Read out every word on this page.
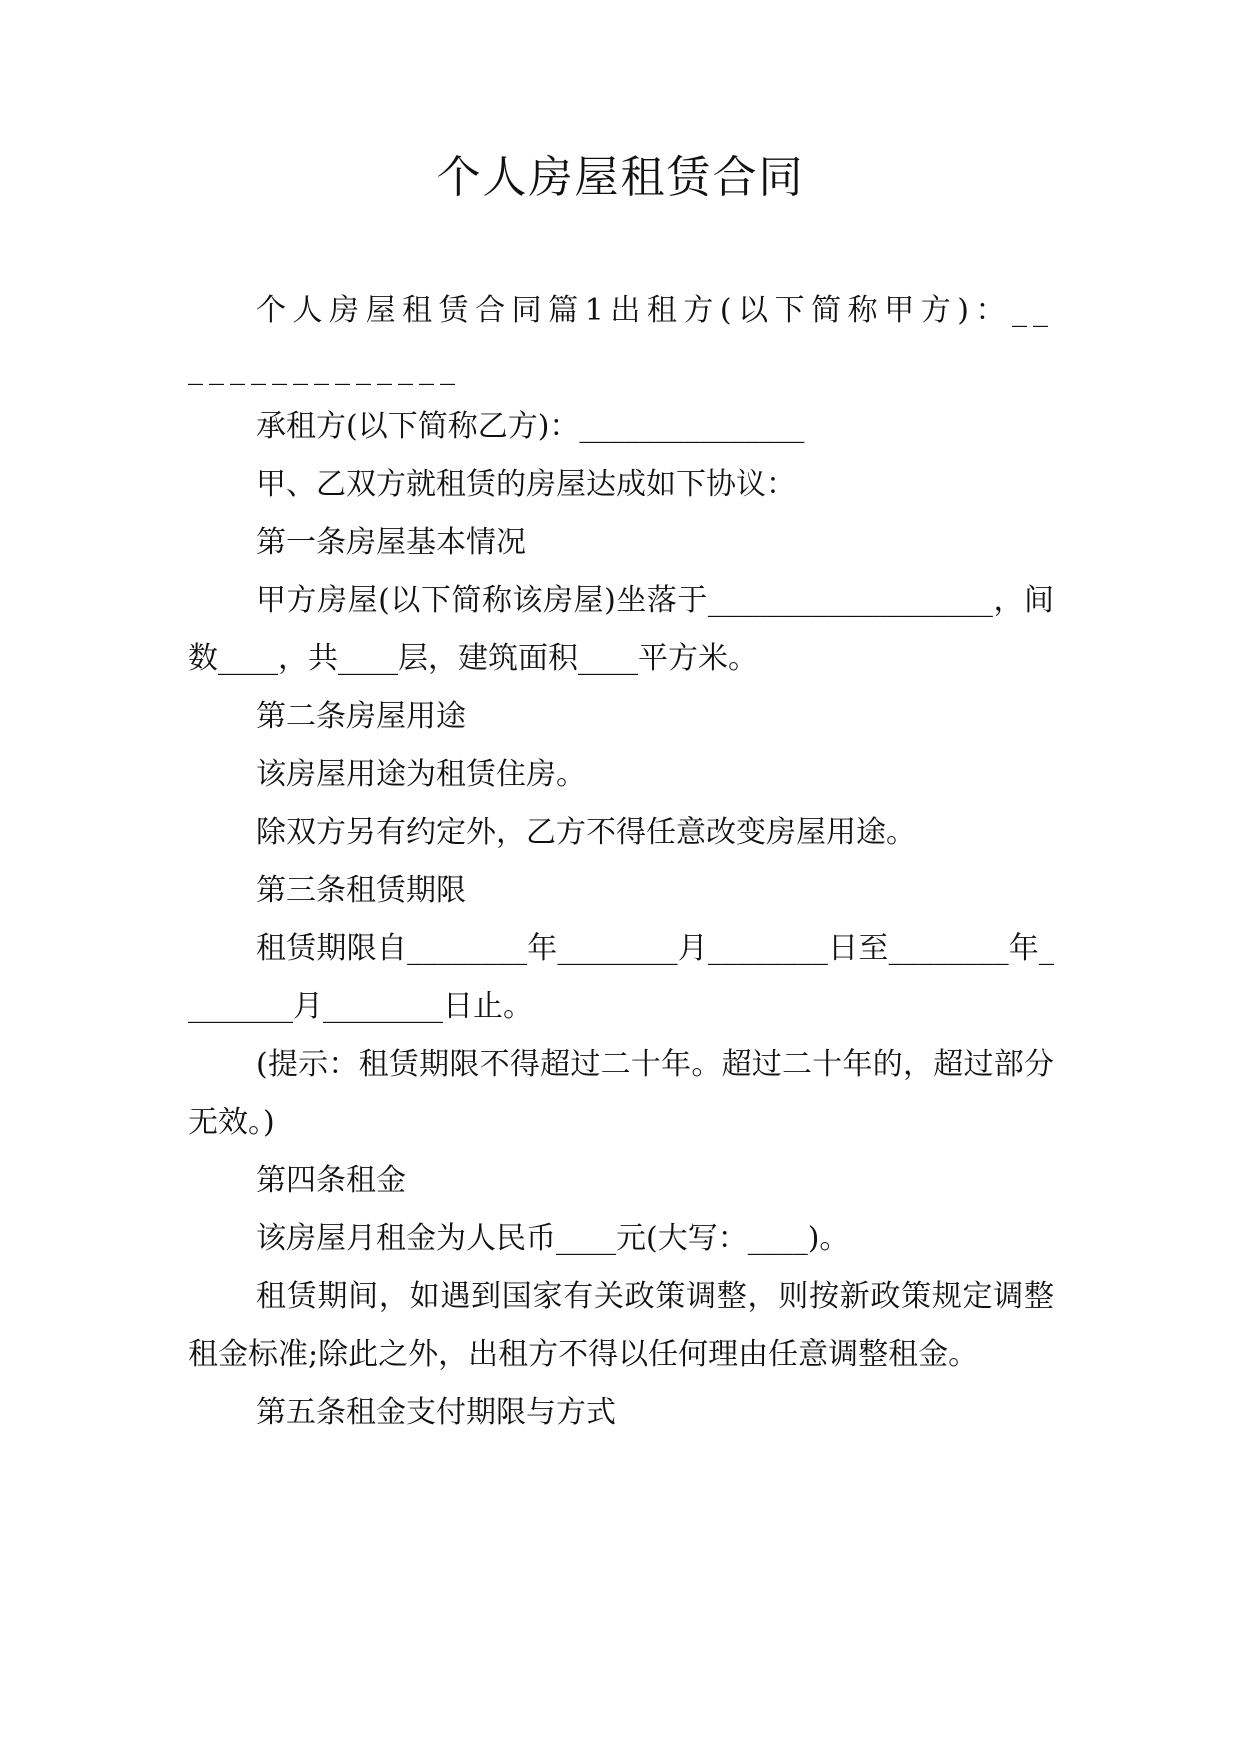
个人房屋租赁合同

个人房屋租赁合同篇1出租方(以下简称甲方)：_______________

承租方(以下简称乙方)：_______________

甲、乙双方就租赁的房屋达成如下协议：

第一条房屋基本情况

甲方房屋(以下简称该房屋)坐落于___________________，间数____，共____层，建筑面积____平方米。

第二条房屋用途

该房屋用途为租赁住房。

除双方另有约定外，乙方不得任意改变房屋用途。

第三条租赁期限

租赁期限自________年________月________日至________年________月________日止。

(提示：租赁期限不得超过二十年。超过二十年的，超过部分无效。)

第四条租金

该房屋月租金为人民币____元(大写：____)。

租赁期间，如遇到国家有关政策调整，则按新政策规定调整租金标准;除此之外，出租方不得以任何理由任意调整租金。

第五条租金支付期限与方式
